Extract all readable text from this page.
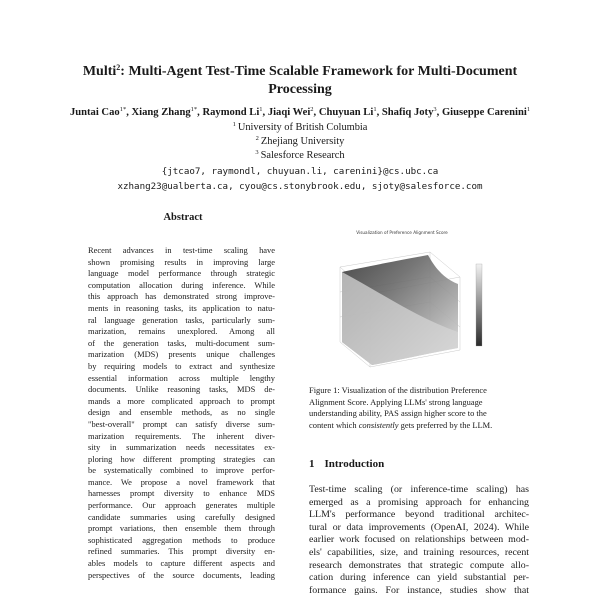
Multi$^2$: Multi-Agent Test-Time Scalable Framework for Multi-Document
Processing
Juntai Cao$^{1*}$, Xiang Zhang$^{1*}$, Raymond Li$^1$, Jiaqi Wei$^2$, Chuyuan Li$^1$, Shafiq Joty$^3$, Giuseppe Carenini$^1$
$^1$ University of British Columbia
$^2$ Zhejiang University
$^3$ Salesforce Research
{jtcao7, raymondl, chuyuan.li, carenini}@cs.ubc.ca
xzhang23@ualberta.ca, cyou@cs.stonybrook.edu, sjoty@salesforce.com
Abstract
Recent advances in test-time scaling have
shown promising results in improving large
language model performance through strategic
computation allocation during inference. While
this approach has demonstrated strong improve-
ments in reasoning tasks, its application to natu-
ral language generation tasks, particularly sum-
marization, remains unexplored. Among all
of the generation tasks, multi-document sum-
marization (MDS) presents unique challenges
by requiring models to extract and synthesize
essential information across multiple lengthy
documents. Unlike reasoning tasks, MDS de-
mands a more complicated approach to prompt
design and ensemble methods, as no single
"best-overall" prompt can satisfy diverse sum-
marization requirements. The inherent diver-
sity in summarization needs necessitates ex-
ploring how different prompting strategies can
be systematically combined to improve perfor-
mance. We propose a novel framework that
harnesses prompt diversity to enhance MDS
performance. Our approach generates multiple
candidate summaries using carefully designed
prompt variations, then ensemble them through
sophisticated aggregation methods to produce
refined summaries. This prompt diversity en-
ables models to capture different aspects and
perspectives of the source documents, leading
Visualization of Preference Alignment Score
Figure 1: Visualization of the distribution Preference
Alignment Score. Applying LLMs' strong language
understanding ability, PAS assign higher score to the
content which consistently gets preferred by the LLM.
1 Introduction
Test-time scaling (or inference-time scaling) has
emerged as a promising approach for enhancing
LLM's performance beyond traditional architec-
tural or data improvements (OpenAI, 2024). While
earlier work focused on relationships between mod-
els' capabilities, size, and training resources, recent
research demonstrates that strategic compute allo-
cation during inference can yield substantial per-
formance gains. For instance, studies show that
